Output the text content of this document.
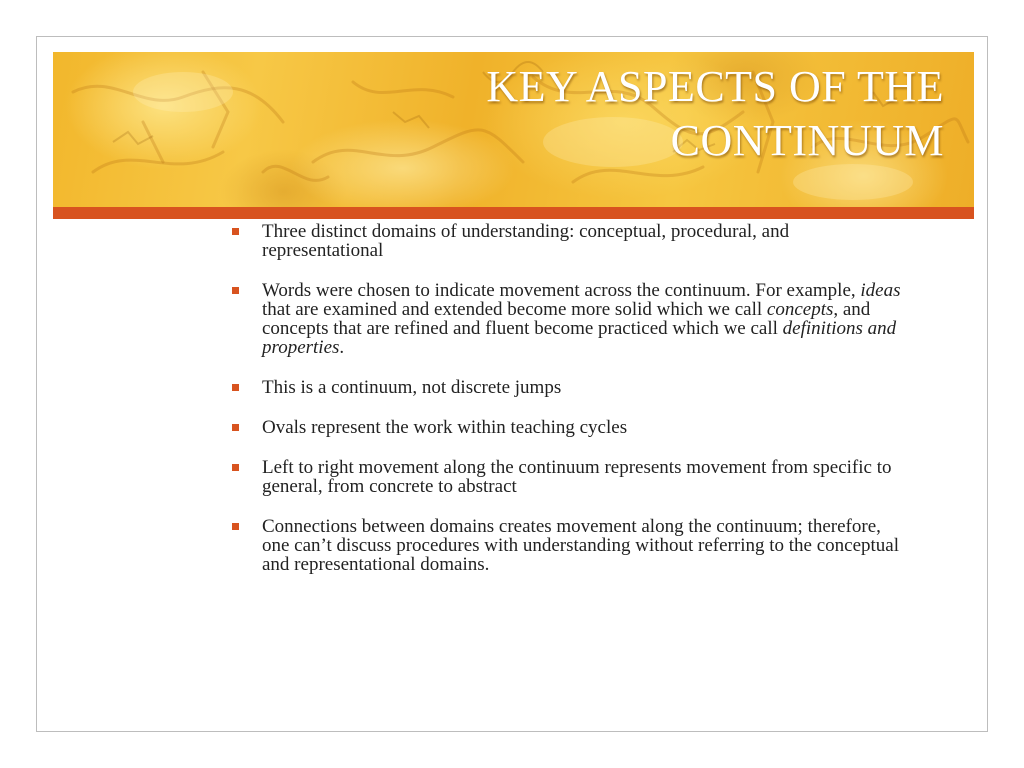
KEY ASPECTS OF THE
CONTINUUM
Three distinct domains of understanding: conceptual, procedural, and representational
Words were chosen to indicate movement across the continuum. For example, ideas that are examined and extended become more solid which we call concepts, and concepts that are refined and fluent become practiced which we call definitions and properties.
This is a continuum, not discrete jumps
Ovals represent the work within teaching cycles
Left to right movement along the continuum represents movement from specific to general, from concrete to abstract
Connections between domains creates movement along the continuum; therefore, one can’t discuss procedures with understanding without referring to the conceptual and representational domains.
